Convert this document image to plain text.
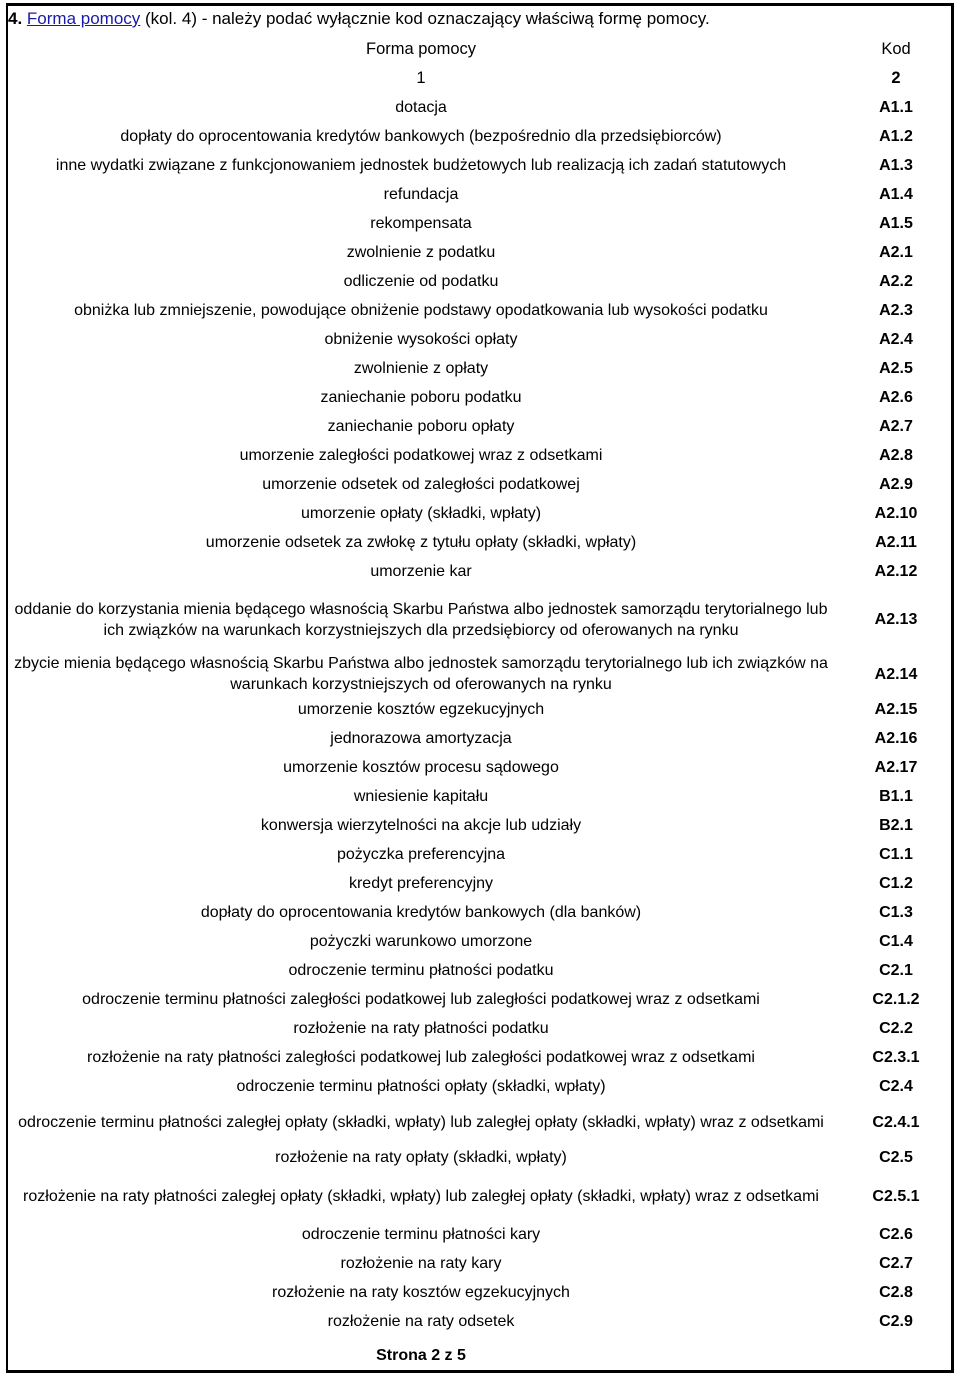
4. Forma pomocy (kol. 4) - należy podać wyłącznie kod oznaczający właściwą formę pomocy.
Forma pomocy	Kod
1	2
dotacja	A1.1
dopłaty do oprocentowania kredytów bankowych (bezpośrednio dla przedsiębiorców)	A1.2
inne wydatki związane z funkcjonowaniem jednostek budżetowych lub realizacją ich zadań statutowych	A1.3
refundacja	A1.4
rekompensata	A1.5
zwolnienie z podatku	A2.1
odliczenie od podatku	A2.2
obniżka lub zmniejszenie, powodujące obniżenie podstawy opodatkowania lub wysokości podatku	A2.3
obniżenie wysokości opłaty	A2.4
zwolnienie z opłaty	A2.5
zaniechanie poboru podatku	A2.6
zaniechanie poboru opłaty	A2.7
umorzenie zaległości podatkowej wraz z odsetkami	A2.8
umorzenie odsetek od zaległości podatkowej	A2.9
umorzenie opłaty (składki, wpłaty)	A2.10
umorzenie odsetek za zwłokę z tytułu opłaty (składki, wpłaty)	A2.11
umorzenie kar	A2.12
oddanie do korzystania mienia będącego własnością Skarbu Państwa albo jednostek samorządu terytorialnego lub ich związków na warunkach korzystniejszych dla przedsiębiorcy od oferowanych na rynku	A2.13
zbycie mienia będącego własnością Skarbu Państwa albo jednostek samorządu terytorialnego lub ich związków na warunkach korzystniejszych od oferowanych na rynku	A2.14
umorzenie kosztów egzekucyjnych	A2.15
jednorazowa amortyzacja	A2.16
umorzenie kosztów procesu sądowego	A2.17
wniesienie kapitału	B1.1
konwersja wierzytelności na akcje lub udziały	B2.1
pożyczka preferencyjna	C1.1
kredyt preferencyjny	C1.2
dopłaty do oprocentowania kredytów bankowych (dla banków)	C1.3
pożyczki warunkowo umorzone	C1.4
odroczenie terminu płatności podatku	C2.1
odroczenie terminu płatności zaległości podatkowej lub zaległości podatkowej wraz z odsetkami	C2.1.2
rozłożenie na raty płatności podatku	C2.2
rozłożenie na raty płatności zaległości podatkowej lub zaległości podatkowej wraz z odsetkami	C2.3.1
odroczenie terminu płatności opłaty (składki, wpłaty)	C2.4
odroczenie terminu płatności zaległej opłaty (składki, wpłaty) lub zaległej opłaty (składki, wpłaty) wraz z odsetkami	C2.4.1
rozłożenie na raty opłaty (składki, wpłaty)	C2.5
rozłożenie na raty płatności zaległej opłaty (składki, wpłaty) lub zaległej opłaty (składki, wpłaty) wraz z odsetkami	C2.5.1
odroczenie terminu płatności kary	C2.6
rozłożenie na raty kary	C2.7
rozłożenie na raty kosztów egzekucyjnych	C2.8
rozłożenie na raty odsetek	C2.9
Strona 2 z 5
